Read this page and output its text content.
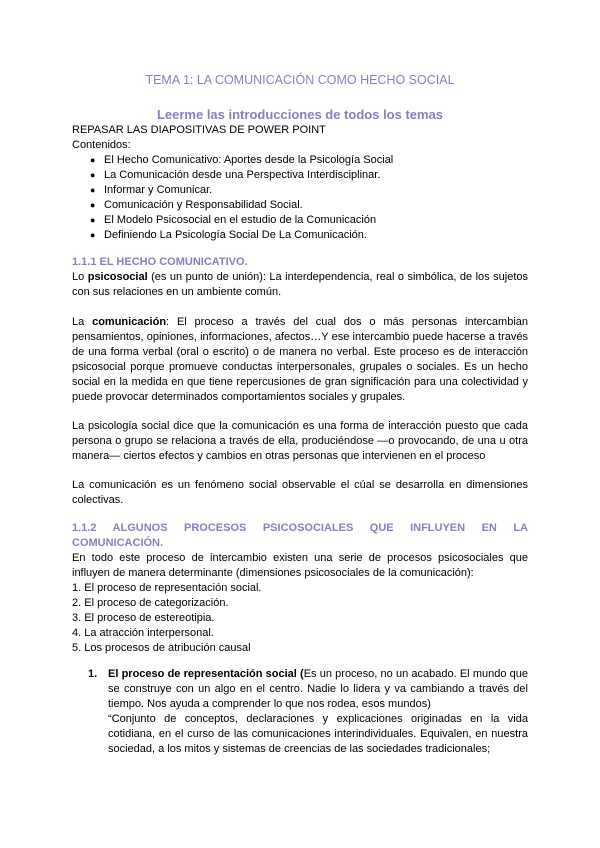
TEMA 1: LA COMUNICACIÓN COMO HECHO SOCIAL
Leerme las introducciones de todos los temas

REPASAR LAS DIAPOSITIVAS DE POWER POINT

Contenidos:

● El Hecho Comunicativo: Aportes desde la Psicología Social
● La Comunicación desde una Perspectiva Interdisciplinar.
● Informar y Comunicar.
● Comunicación y Responsabilidad Social.
● El Modelo Psicosocial en el estudio de la Comunicación
● Definiendo La Psicología Social De La Comunicación.

1.1.1 EL HECHO COMUNICATIVO.

Lo psicosocial (es un punto de unión): La interdependencia, real o simbólica, de los sujetos con sus relaciones en un ambiente común.

La comunicación: El proceso a través del cual dos o más personas intercambian pensamientos, opiniones, informaciones, afectos…Y ese intercambio puede hacerse a través de una forma verbal (oral o escrito) o de manera no verbal. Este proceso es de interacción psicosocial porque promueve conductas interpersonales, grupales o sociales. Es un hecho social en la medida en que tiene repercusiones de gran significación para una colectividad y puede provocar determinados comportamientos sociales y grupales.

La psicología social dice que la comunicación es una forma de interacción puesto que cada persona o grupo se relaciona a través de ella, produciéndose —o provocando, de una u otra manera— ciertos efectos y cambios en otras personas que intervienen en el proceso

La comunicación es un fenómeno social observable el cúal se desarrolla en dimensiones colectivas.

1.1.2 ALGUNOS PROCESOS PSICOSOCIALES QUE INFLUYEN EN LA

COMUNICACIÓN.

En todo este proceso de intercambio existen una serie de procesos psicosociales que influyen de manera determinante (dimensiones psicosociales de la comunicación):

1. El proceso de representación social.

2. El proceso de categorización.

3. El proceso de estereotipia.

4. La atracción interpersonal.

5. Los procesos de atribución causal

1. El proceso de representación social (Es un proceso, no un acabado. El mundo que se construye con un algo en el centro. Nadie lo lidera y va cambiando a través del tiempo. Nos ayuda a comprender lo que nos rodea, esos mundos)

“Conjunto de conceptos, declaraciones y explicaciones originadas en la vida cotidiana, en el curso de las comunicaciones interindividuales. Equivalen, en nuestra sociedad, a los mitos y sistemas de creencias de las sociedades tradicionales;
